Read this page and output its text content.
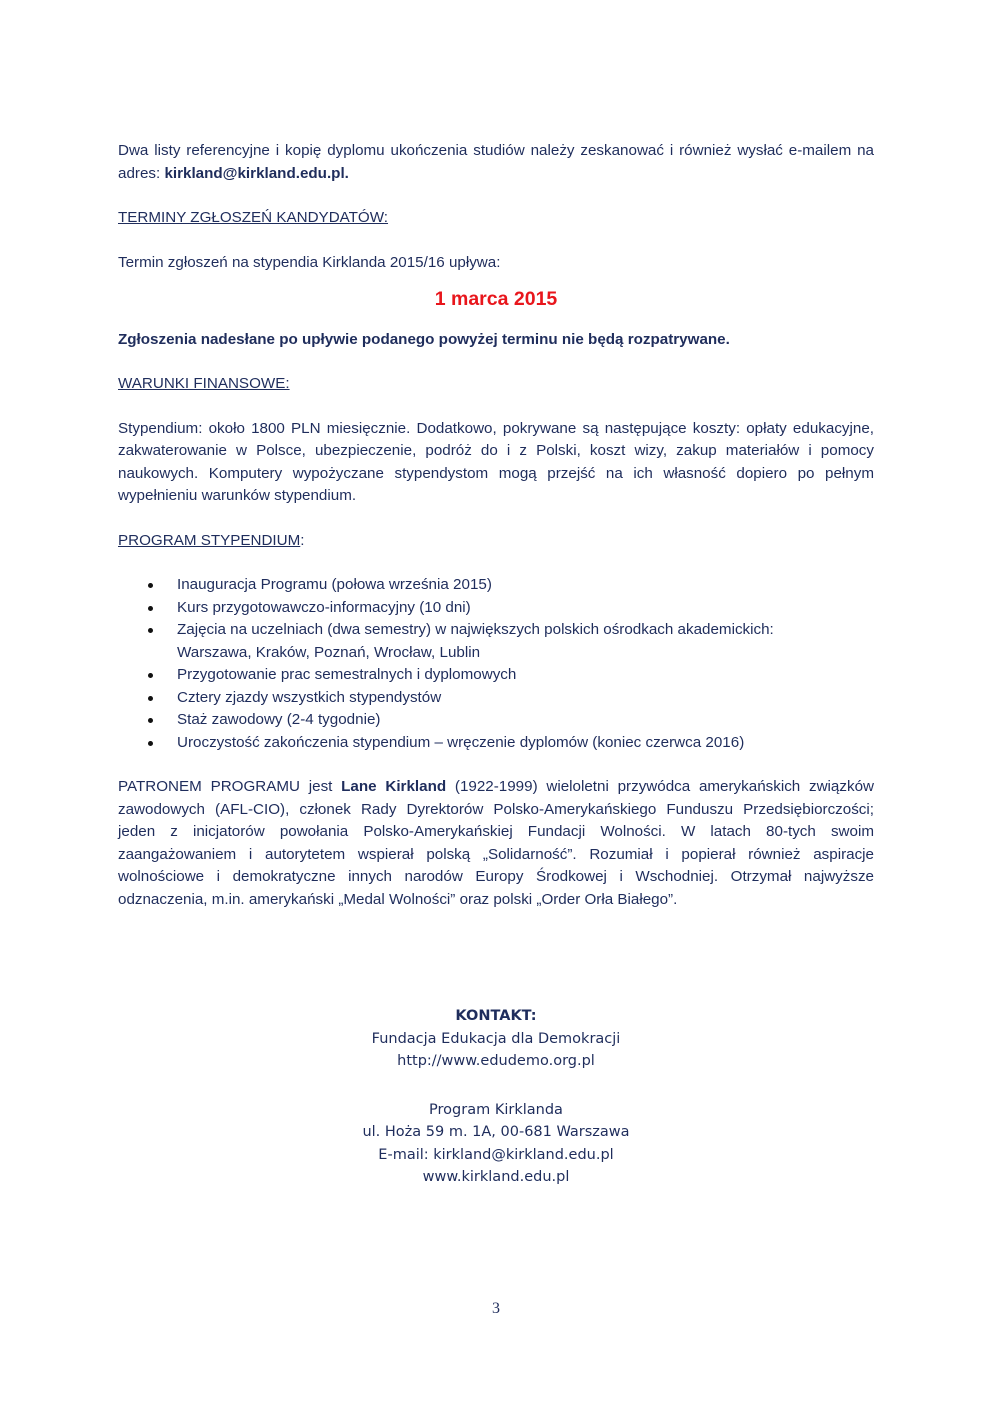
Dwa listy referencyjne i kopię dyplomu ukończenia studiów należy zeskanować i również wysłać e-mailem na adres: kirkland@kirkland.edu.pl.

TERMINY ZGŁOSZEŃ KANDYDATÓW:

Termin zgłoszeń na stypendia Kirklanda 2015/16 upływa:

1 marca 2015

Zgłoszenia nadesłane po upływie podanego powyżej terminu nie będą rozpatrywane.

WARUNKI FINANSOWE:

Stypendium: około 1800 PLN miesięcznie. Dodatkowo, pokrywane są następujące koszty: opłaty edukacyjne, zakwaterowanie w Polsce, ubezpieczenie, podróż do i z Polski, koszt wizy, zakup materiałów i pomocy naukowych. Komputery wypożyczane stypendystom mogą przejść na ich własność dopiero po pełnym wypełnieniu warunków stypendium.

PROGRAM STYPENDIUM:

Inauguracja Programu (połowa września 2015)
Kurs przygotowawczo-informacyjny (10 dni)
Zajęcia na uczelniach (dwa semestry) w największych polskich ośrodkach akademickich:
Warszawa, Kraków, Poznań, Wrocław, Lublin
Przygotowanie prac semestralnych i dyplomowych
Cztery zjazdy wszystkich stypendystów
Staż zawodowy (2-4 tygodnie)
Uroczystość zakończenia stypendium – wręczenie dyplomów (koniec czerwca 2016)

PATRONEM PROGRAMU jest Lane Kirkland (1922-1999) wieloletni przywódca amerykańskich związków zawodowych (AFL-CIO), członek Rady Dyrektorów Polsko-Amerykańskiego Funduszu Przedsiębiorczości; jeden z inicjatorów powołania Polsko-Amerykańskiej Fundacji Wolności. W latach 80-tych swoim zaangażowaniem i autorytetem wspierał polską „Solidarność”. Rozumiał i popierał również aspiracje wolnościowe i demokratyczne innych narodów Europy Środkowej i Wschodniej. Otrzymał najwyższe odznaczenia, m.in. amerykański „Medal Wolności” oraz polski „Order Orła Białego”.

KONTAKT:
Fundacja Edukacja dla Demokracji
http://www.edudemo.org.pl
Program Kirklanda
ul. Hoża 59 m. 1A, 00-681 Warszawa
E-mail: kirkland@kirkland.edu.pl
www.kirkland.edu.pl
3
